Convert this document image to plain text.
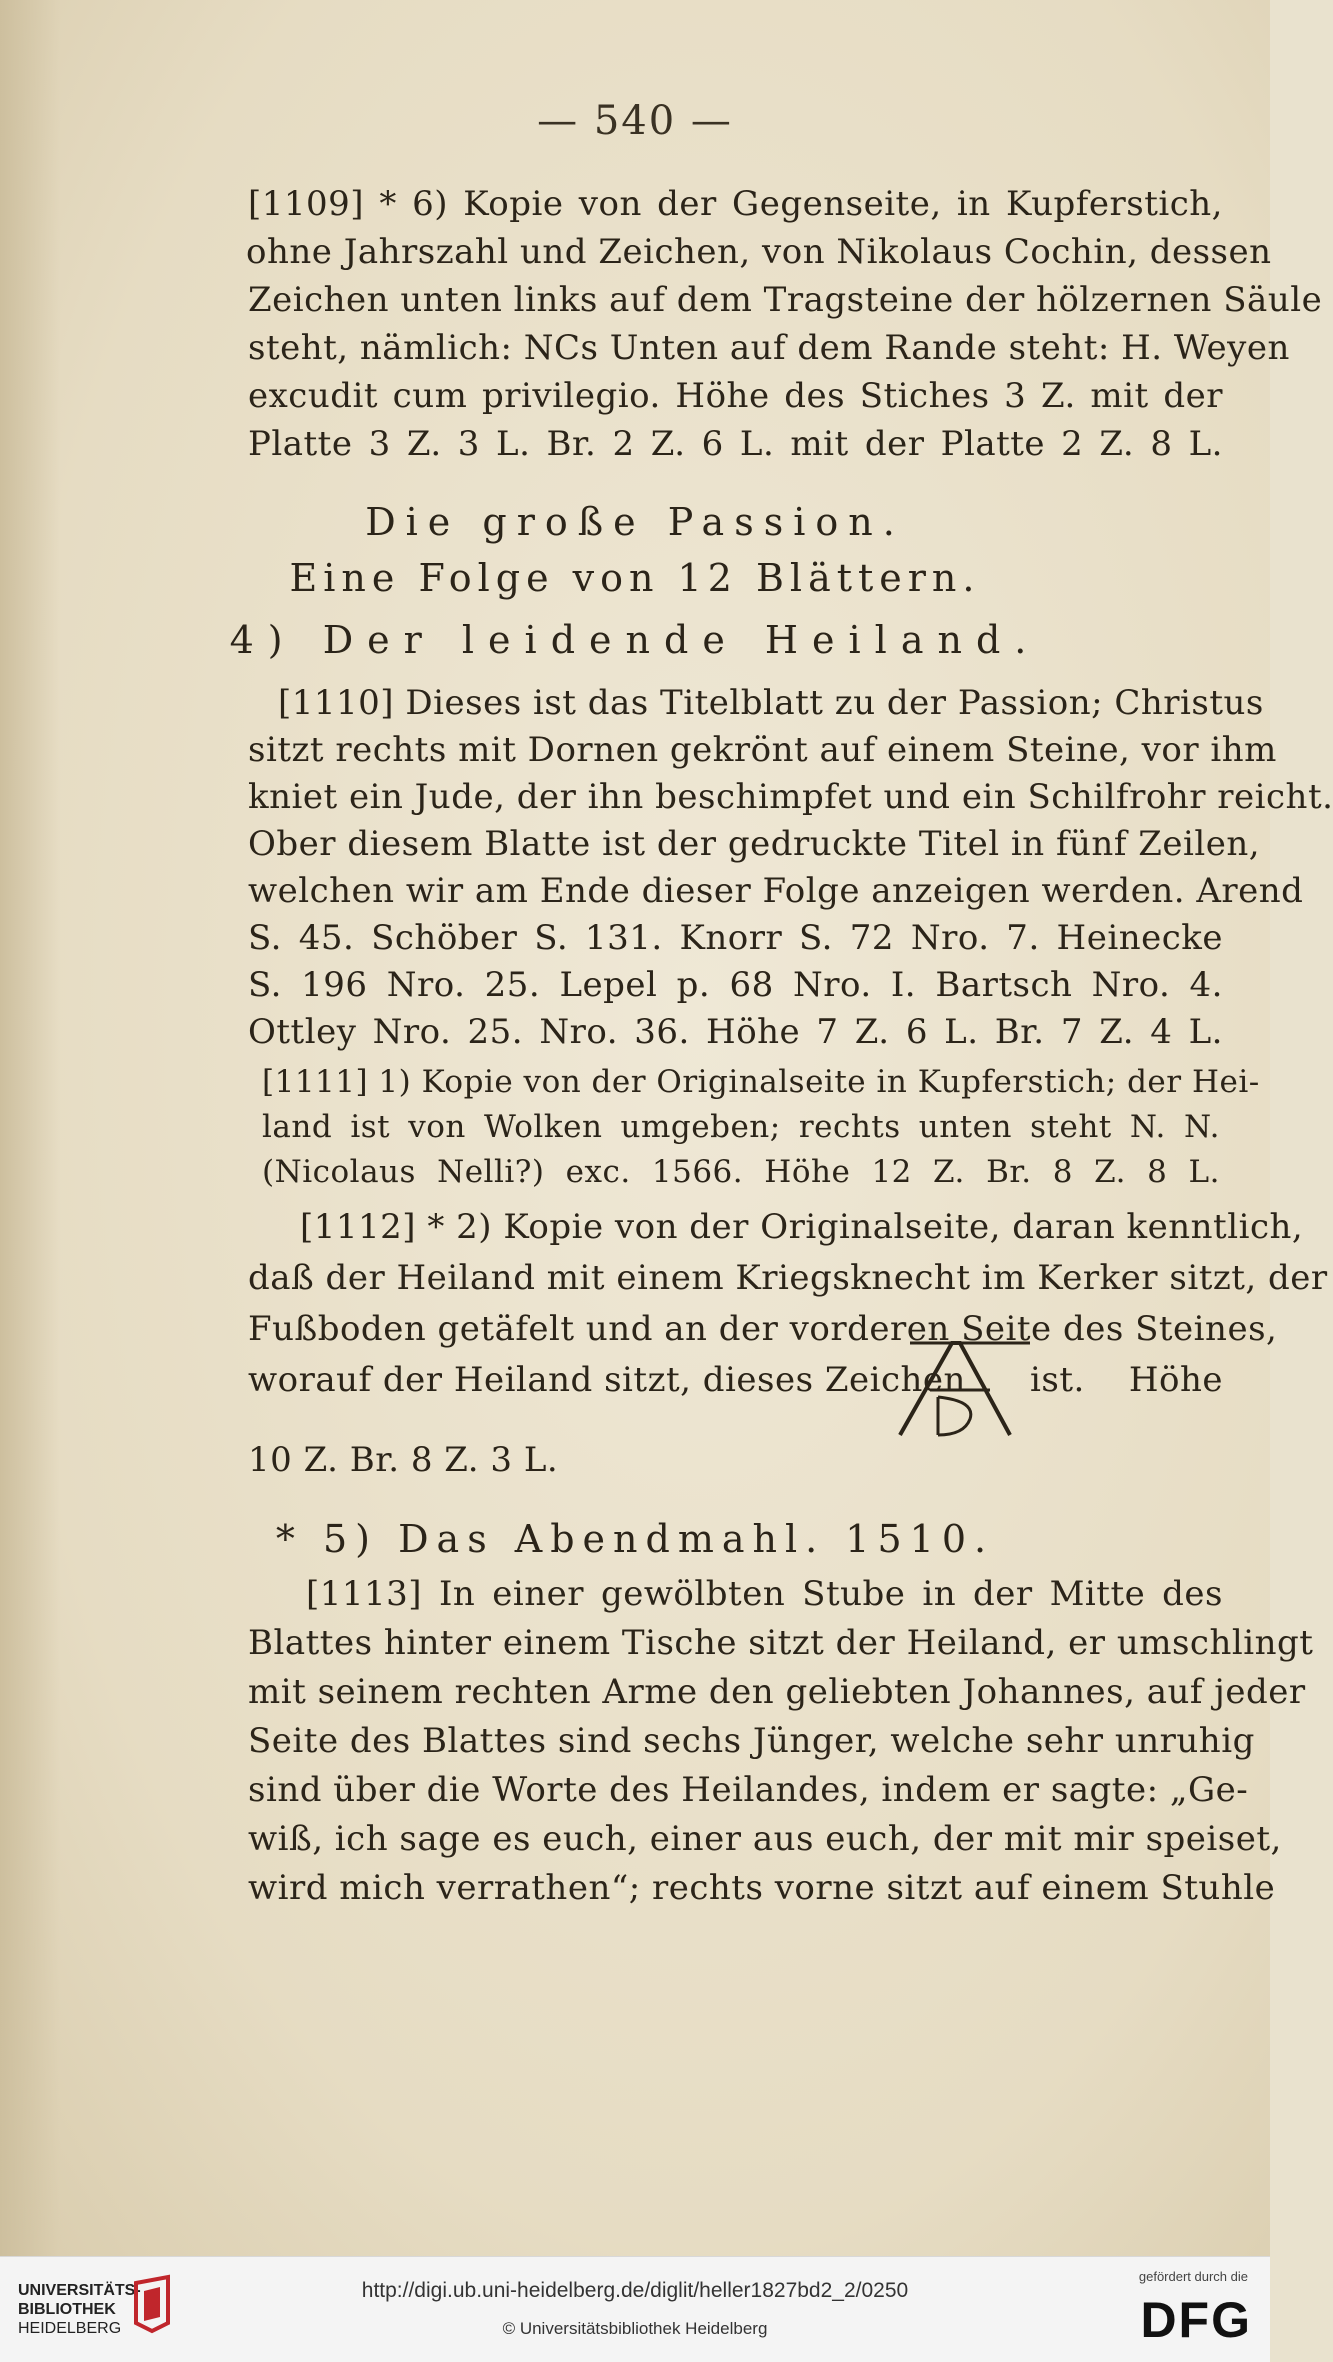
— 540 —
[1109] * 6) Kopie von der Gegenseite, in Kupferstich,
ohne Jahrszahl und Zeichen, von Nikolaus Cochin, dessen
Zeichen unten links auf dem Tragsteine der hölzernen Säule
steht, nämlich: NCs Unten auf dem Rande steht: H. Weyen
excudit cum privilegio. Höhe des Stiches 3 Z. mit der
Platte 3 Z. 3 L. Br. 2 Z. 6 L. mit der Platte 2 Z. 8 L.
Die große Passion.
Eine Folge von 12 Blättern.
4) Der leidende Heiland.
[1110] Dieses ist das Titelblatt zu der Passion; Christus
sitzt rechts mit Dornen gekrönt auf einem Steine, vor ihm
kniet ein Jude, der ihn beschimpfet und ein Schilfrohr reicht.
Ober diesem Blatte ist der gedruckte Titel in fünf Zeilen,
welchen wir am Ende dieser Folge anzeigen werden. Arend
S. 45. Schöber S. 131. Knorr S. 72 Nro. 7. Heinecke
S. 196 Nro. 25. Lepel p. 68 Nro. I. Bartsch Nro. 4.
Ottley Nro. 25. Nro. 36. Höhe 7 Z. 6 L. Br. 7 Z. 4 L.
[1111] 1) Kopie von der Originalseite in Kupferstich; der Hei-
land ist von Wolken umgeben; rechts unten steht N. N.
(Nicolaus Nelli?) exc. 1566. Höhe 12 Z. Br. 8 Z. 8 L.
[1112] * 2) Kopie von der Originalseite, daran kenntlich,
daß der Heiland mit einem Kriegsknecht im Kerker sitzt, der
Fußboden getäfelt und an der vorderen Seite des Steines,
worauf der Heiland sitzt, dieses Zeichen
AD
ist. Höhe
10 Z. Br. 8 Z. 3 L.
* 5) Das Abendmahl. 1510.
[1113] In einer gewölbten Stube in der Mitte des
Blattes hinter einem Tische sitzt der Heiland, er umschlingt
mit seinem rechten Arme den geliebten Johannes, auf jeder
Seite des Blattes sind sechs Jünger, welche sehr unruhig
sind über die Worte des Heilandes, indem er sagte: „Ge-
wiß, ich sage es euch, einer aus euch, der mit mir speiset,
wird mich verrathen“; rechts vorne sitzt auf einem Stuhle
UNIVERSITÄTS-
BIBLIOTHEK
HEIDELBERG
http://digi.ub.uni-heidelberg.de/diglit/heller1827bd2_2/0250
© Universitätsbibliothek Heidelberg
gefördert durch die
DFG
